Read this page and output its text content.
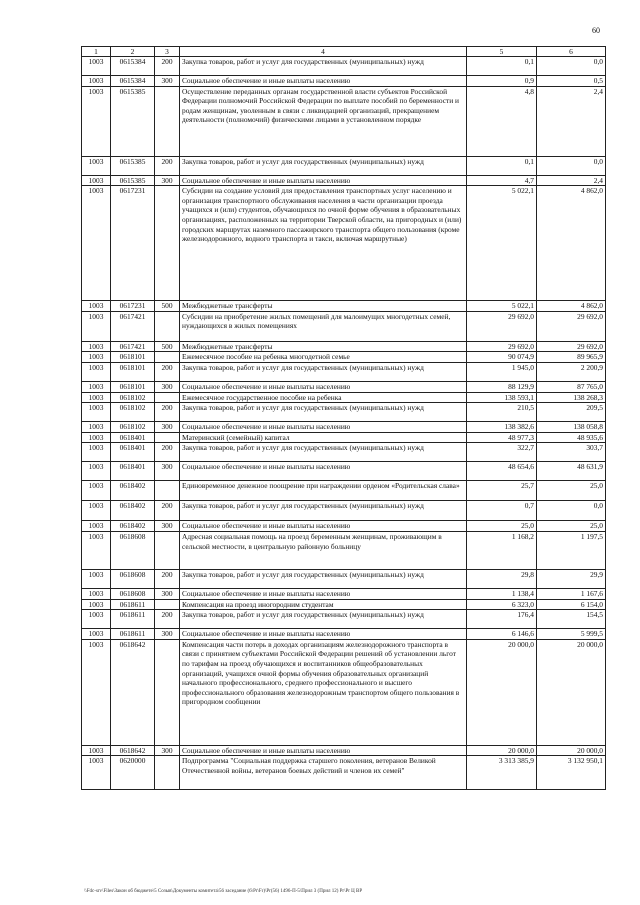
60
1	2	3	4	5	6
1003	0615384	200	Закупка товаров, работ и услуг для государственных (муниципальных) нужд	0,1	0,0
1003	0615384	300	Социальное обеспечение и иные выплаты населению	0,9	0,5
1003	0615385		Осуществление переданных органам государственной власти субъектов Российской Федерации полномочий Российской Федерации по выплате пособий по беременности и родам женщинам, уволенным в связи с ликвидацией организаций, прекращением деятельности (полномочий) физическими лицами в установленном порядке	4,8	2,4
1003	0615385	200	Закупка товаров, работ и услуг для государственных (муниципальных) нужд	0,1	0,0
1003	0615385	300	Социальное обеспечение и иные выплаты населению	4,7	2,4
1003	0617231		Субсидии на создание условий для предоставления транспортных услуг населению и организация транспортного обслуживания населения в части организации проезда учащихся и (или) студентов, обучающихся по очной форме обучения в образовательных организациях, расположенных на территории Тверской области, на пригородных и (или) городских маршрутах наземного пассажирского транспорта общего пользования (кроме железнодорожного, водного транспорта и такси, включая маршрутные)	5 022,1	4 862,0
1003	0617231	500	Межбюджетные трансферты	5 022,1	4 862,0
1003	0617421		Субсидии на приобретение жилых помещений для малоимущих многодетных семей, нуждающихся в жилых помещениях	29 692,0	29 692,0
1003	0617421	500	Межбюджетные трансферты	29 692,0	29 692,0
1003	0618101		Ежемесячное пособие на ребенка многодетной семье	90 074,9	89 965,9
1003	0618101	200	Закупка товаров, работ и услуг для государственных (муниципальных) нужд	1 945,0	2 200,9
1003	0618101	300	Социальное обеспечение и иные выплаты населению	88 129,9	87 765,0
1003	0618102		Ежемесячное государственное пособие на ребенка	138 593,1	138 268,3
1003	0618102	200	Закупка товаров, работ и услуг для государственных (муниципальных) нужд	210,5	209,5
1003	0618102	300	Социальное обеспечение и иные выплаты населению	138 382,6	138 058,8
1003	0618401		Материнский (семейный) капитал	48 977,3	48 935,6
1003	0618401	200	Закупка товаров, работ и услуг для государственных (муниципальных) нужд	322,7	303,7
1003	0618401	300	Социальное обеспечение и иные выплаты населению	48 654,6	48 631,9
1003	0618402		Единовременное денежное поощрение при награждении орденом «Родительская слава»	25,7	25,0
1003	0618402	200	Закупка товаров, работ и услуг для государственных (муниципальных) нужд	0,7	0,0
1003	0618402	300	Социальное обеспечение и иные выплаты населению	25,0	25,0
1003	0618608		Адресная социальная помощь на проезд беременным женщинам, проживающим в сельской местности, в центральную районную больницу	1 168,2	1 197,5
1003	0618608	200	Закупка товаров, работ и услуг для государственных (муниципальных) нужд	29,8	29,9
1003	0618608	300	Социальное обеспечение и иные выплаты населению	1 138,4	1 167,6
1003	0618611		Компенсация на проезд иногородним студентам	6 323,0	6 154,0
1003	0618611	200	Закупка товаров, работ и услуг для государственных (муниципальных) нужд	176,4	154,5
1003	0618611	300	Социальное обеспечение и иные выплаты населению	6 146,6	5 999,5
1003	0618642		Компенсация части потерь в доходах организациям железнодорожного транспорта в связи с принятием субъектами Российской Федерации решений об установлении льгот по тарифам на проезд обучающихся и воспитанников общеобразовательных организаций, учащихся очной формы обучения образовательных организаций начального профессионального, среднего профессионального и высшего профессионального образования железнодорожным транспортом общего пользования в пригородном сообщении	20 000,0	20 000,0
1003	0618642	300	Социальное обеспечение и иные выплаты населению	20 000,0	20 000,0
1003	0620000		Подпрограмма "Социальная поддержка старшего поколения, ветеранов Великой Отечественной войны, ветеранов боевых действий и членов их семей"	3 313 385,9	3 132 950,1
\\Fdc-srv\Files\Закон об бюджете\5 Созыв\Документы комитета\56 заседание (6\Pr\Fr)\Pr(56) 1496-П-5\Прил 3 (Прил 12) Pr\Pr Ц ВР
